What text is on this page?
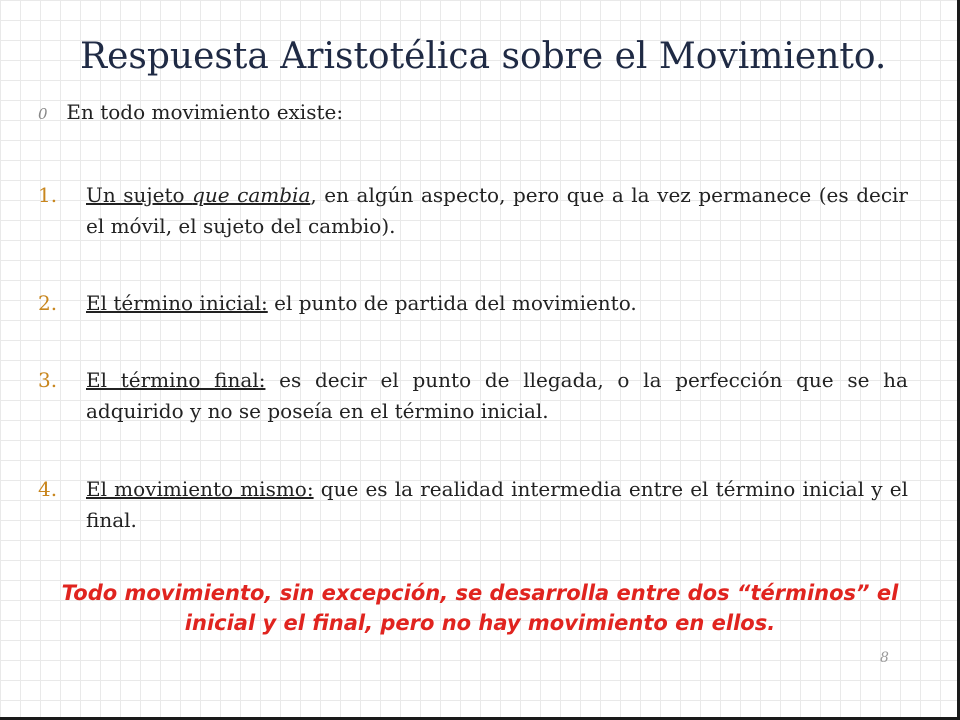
Respuesta Aristotélica sobre el Movimiento.
0 En todo movimiento existe:
1. Un sujeto que cambia, en algún aspecto, pero que a la vez permanece (es decir el móvil, el sujeto del cambio).
2. El término inicial: el punto de partida del movimiento.
3. El término final: es decir el punto de llegada, o la perfección que se ha adquirido y no se poseía en el término inicial.
4. El movimiento mismo: que es la realidad intermedia entre el término inicial y el final.
Todo movimiento, sin excepción, se desarrolla entre dos “términos” el inicial y el final, pero no hay movimiento en ellos.
8
